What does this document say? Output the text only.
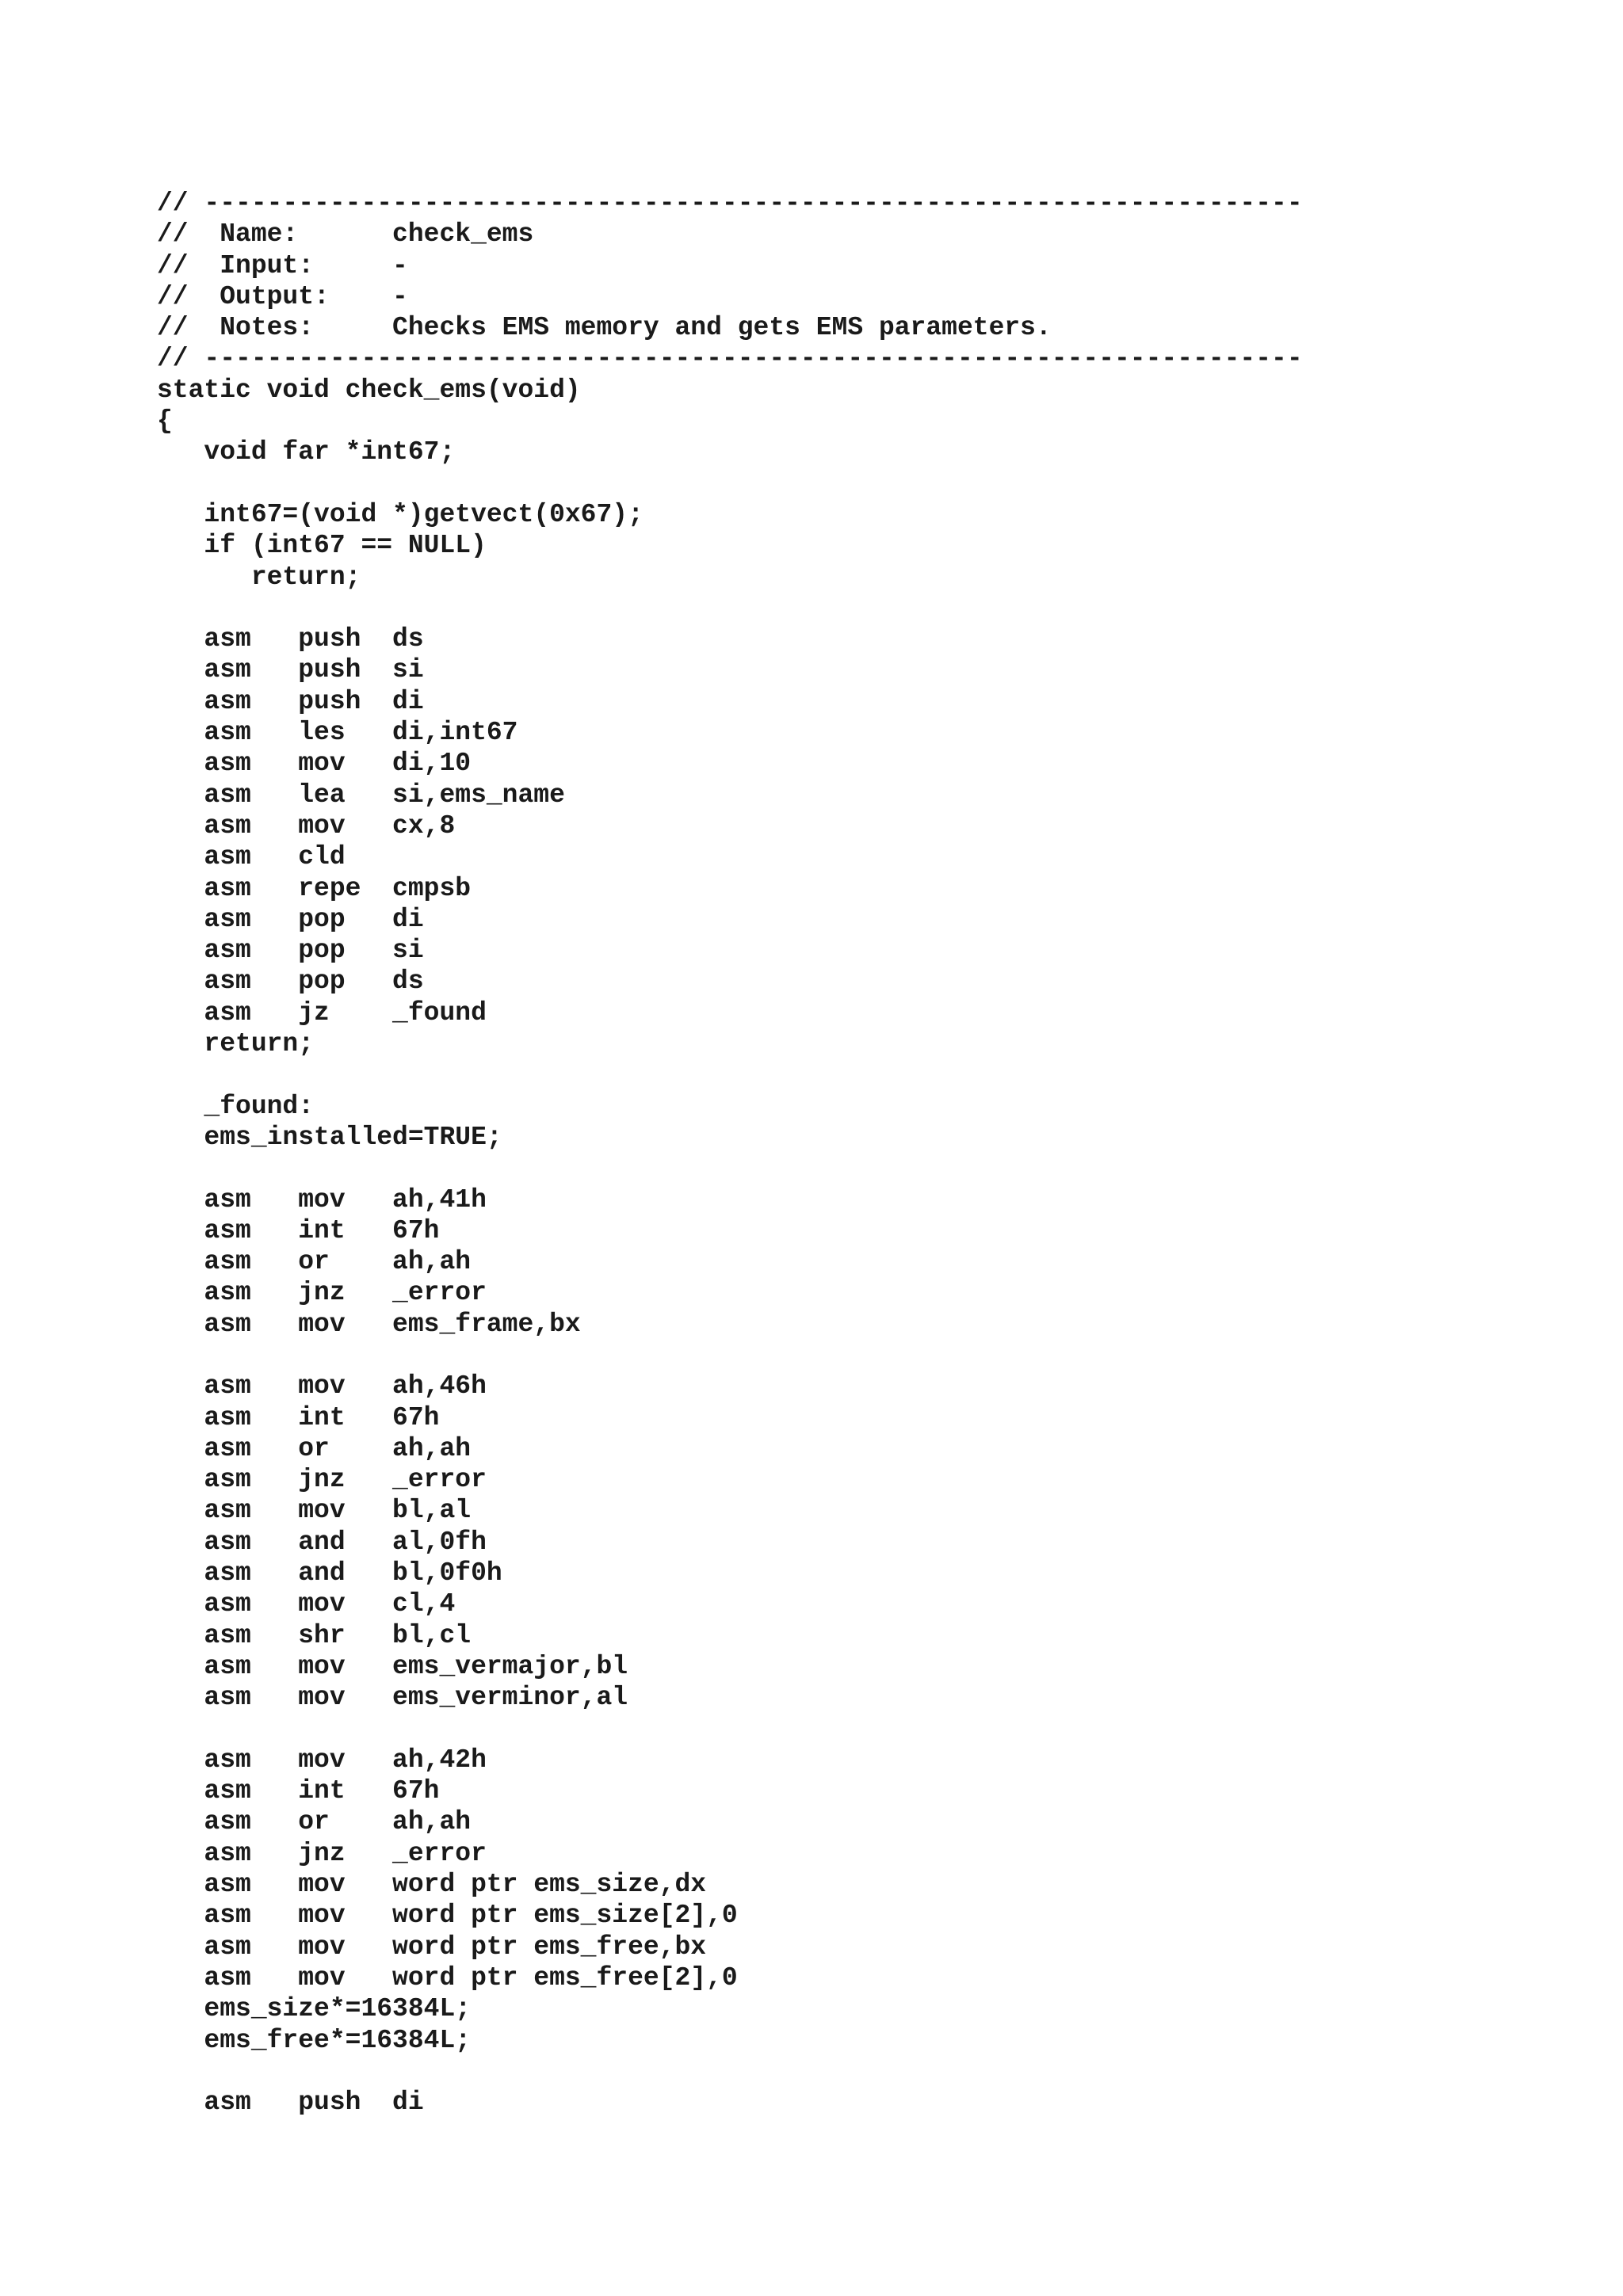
// ----------------------------------------------------------------------
//  Name:      check_ems
//  Input:     -
//  Output:    -
//  Notes:     Checks EMS memory and gets EMS parameters.
// ----------------------------------------------------------------------
static void check_ems(void)
{
void far *int67;
int67=(void *)getvect(0x67);
if (int67 == NULL)
return;
asm   push  ds
asm   push  si
asm   push  di
asm   les   di,int67
asm   mov   di,10
asm   lea   si,ems_name
asm   mov   cx,8
asm   cld
asm   repe  cmpsb
asm   pop   di
asm   pop   si
asm   pop   ds
asm   jz    _found
return;
_found:
ems_installed=TRUE;
asm   mov   ah,41h
asm   int   67h
asm   or    ah,ah
asm   jnz   _error
asm   mov   ems_frame,bx
asm   mov   ah,46h
asm   int   67h
asm   or    ah,ah
asm   jnz   _error
asm   mov   bl,al
asm   and   al,0fh
asm   and   bl,0f0h
asm   mov   cl,4
asm   shr   bl,cl
asm   mov   ems_vermajor,bl
asm   mov   ems_verminor,al
asm   mov   ah,42h
asm   int   67h
asm   or    ah,ah
asm   jnz   _error
asm   mov   word ptr ems_size,dx
asm   mov   word ptr ems_size[2],0
asm   mov   word ptr ems_free,bx
asm   mov   word ptr ems_free[2],0
ems_size*=16384L;
ems_free*=16384L;
asm   push  di
